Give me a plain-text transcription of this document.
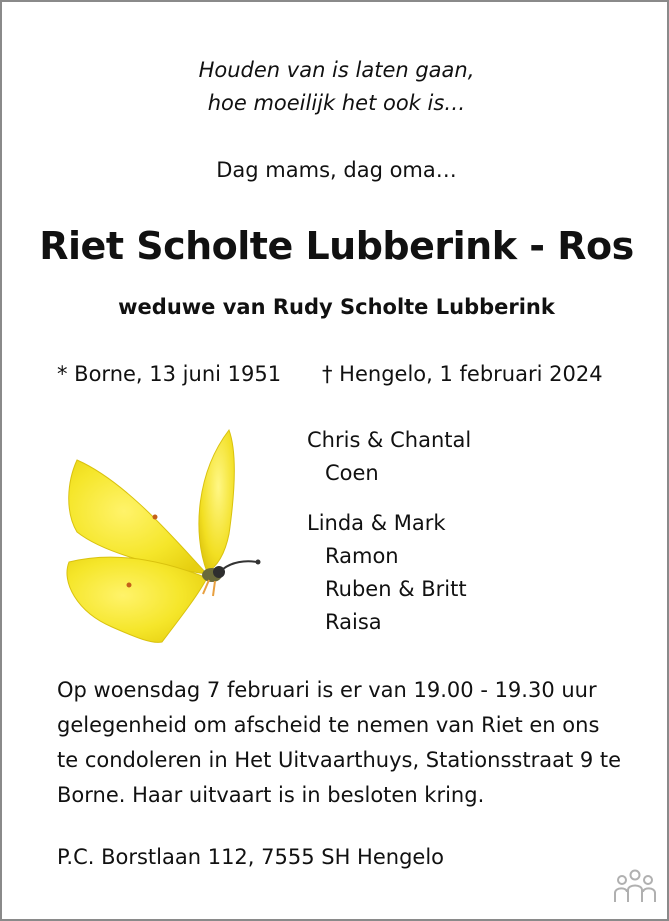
Houden van is laten gaan,

hoe moeilijk het ook is…

Dag mams, dag oma…

Riet Scholte Lubberink - Ros

weduwe van Rudy Scholte Lubberink

* Borne, 13 juni 1951 † Hengelo, 1 februari 2024

Chris & Chantal
Coen
Linda & Mark
Ramon
Ruben & Britt
Raisa

Op woensdag 7 februari is er van 19.00 - 19.30 uur gelegenheid om afscheid te nemen van Riet en ons te condoleren in Het Uitvaarthuys, Stationsstraat 9 te Borne. Haar uitvaart is in besloten kring.

P.C. Borstlaan 112, 7555 SH Hengelo
